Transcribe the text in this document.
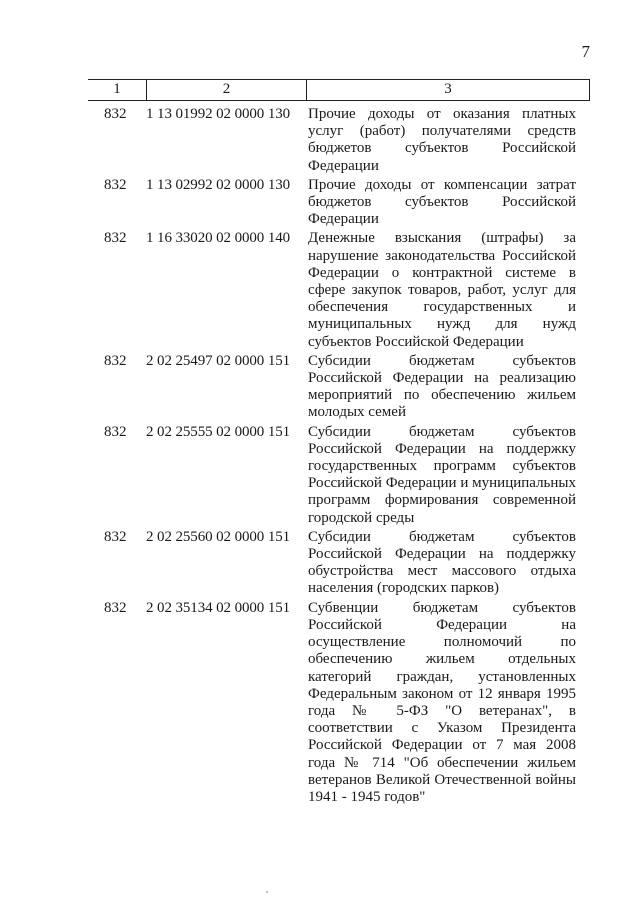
7
1	2	3
832	1 13 01992 02 0000 130	Прочие доходы от оказания платных услуг (работ) получателями средств бюджетов субъектов Российской Федерации
832	1 13 02992 02 0000 130	Прочие доходы от компенсации затрат бюджетов субъектов Российской Федерации
832	1 16 33020 02 0000 140	Денежные взыскания (штрафы) за нарушение законодательства Российской Федерации о контрактной системе в сфере закупок товаров, работ, услуг для обеспечения государственных и муниципальных нужд для нужд субъектов Российской Федерации
832	2 02 25497 02 0000 151	Субсидии бюджетам субъектов Российской Федерации на реализацию мероприятий по обеспечению жильем молодых семей
832	2 02 25555 02 0000 151	Субсидии бюджетам субъектов Российской Федерации на поддержку государственных программ субъектов Российской Федерации и муниципальных программ формирования современной городской среды
832	2 02 25560 02 0000 151	Субсидии бюджетам субъектов Российской Федерации на поддержку обустройства мест массового отдыха населения (городских парков)
832	2 02 35134 02 0000 151	Субвенции бюджетам субъектов Российской Федерации на осуществление полномочий по обеспечению жильем отдельных категорий граждан, установленных Федеральным законом от 12 января 1995 года № 5-ФЗ "О ветеранах", в соответствии с Указом Президента Российской Федерации от 7 мая 2008 года № 714 "Об обеспечении жильем ветеранов Великой Отечественной войны 1941 - 1945 годов"
